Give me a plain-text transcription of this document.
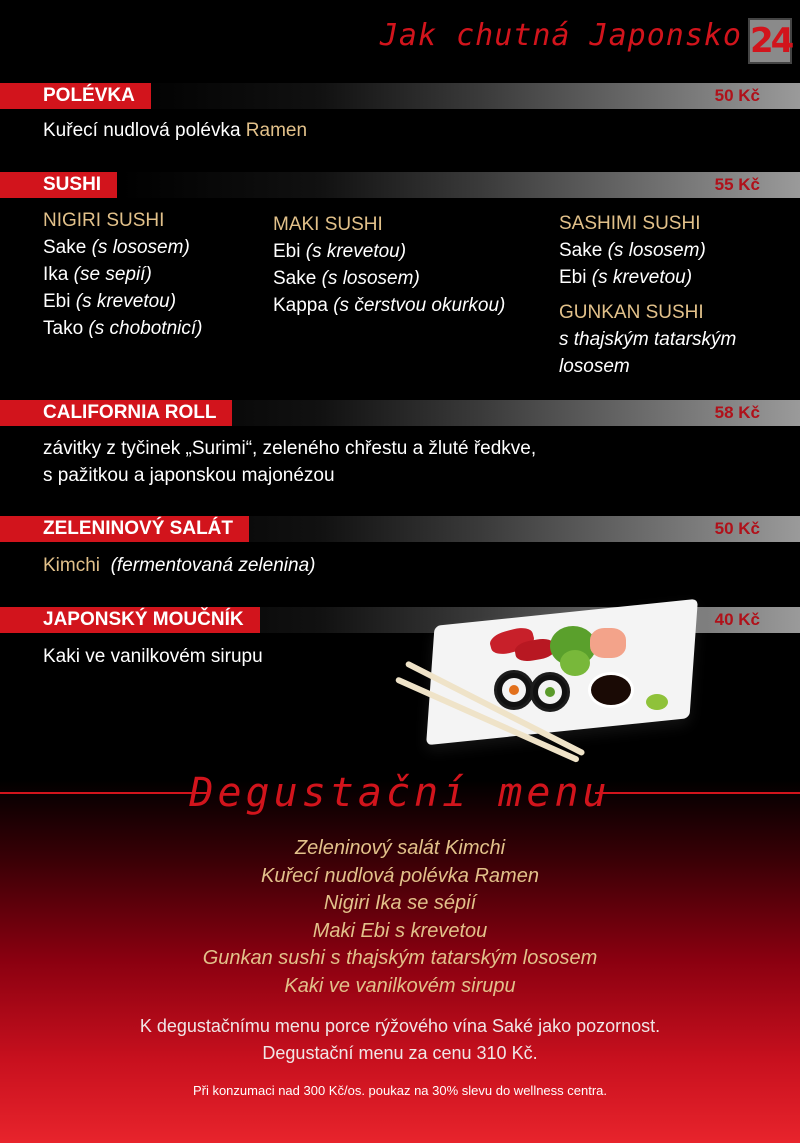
Jak chutná Japonsko 24
POLÉVKA	50 Kč
Kuřecí nudlová polévka Ramen
SUSHI	55 Kč
NIGIRI SUSHI
Sake (s lososem)
Ika (se sepií)
Ebi (s krevetou)
Tako (s chobotnicí)
MAKI SUSHI
Ebi (s krevetou)
Sake (s lososem)
Kappa (s čerstvou okurkou)
SASHIMI SUSHI
Sake (s lososem)
Ebi (s krevetou)
GUNKAN SUSHI
s thajským tatarským
lososem
CALIFORNIA ROLL	58 Kč
závitky z tyčinek „Surimi“, zeleného chřestu a žluté ředkve,
s pažitkou a japonskou majonézou
ZELENINOVÝ SALÁT	50 Kč
Kimchi (fermentovaná zelenina)
JAPONSKÝ MOUČNÍK	40 Kč
Kaki ve vanilkovém sirupu
Degustační menu
Zeleninový salát Kimchi
Kuřecí nudlová polévka Ramen
Nigiri Ika se sépií
Maki Ebi s krevetou
Gunkan sushi s thajským tatarským lososem
Kaki ve vanilkovém sirupu
K degustačnímu menu porce rýžového vína Saké jako pozornost.
Degustační menu za cenu 310 Kč.
Při konzumaci nad 300 Kč/os. poukaz na 30% slevu do wellness centra.
